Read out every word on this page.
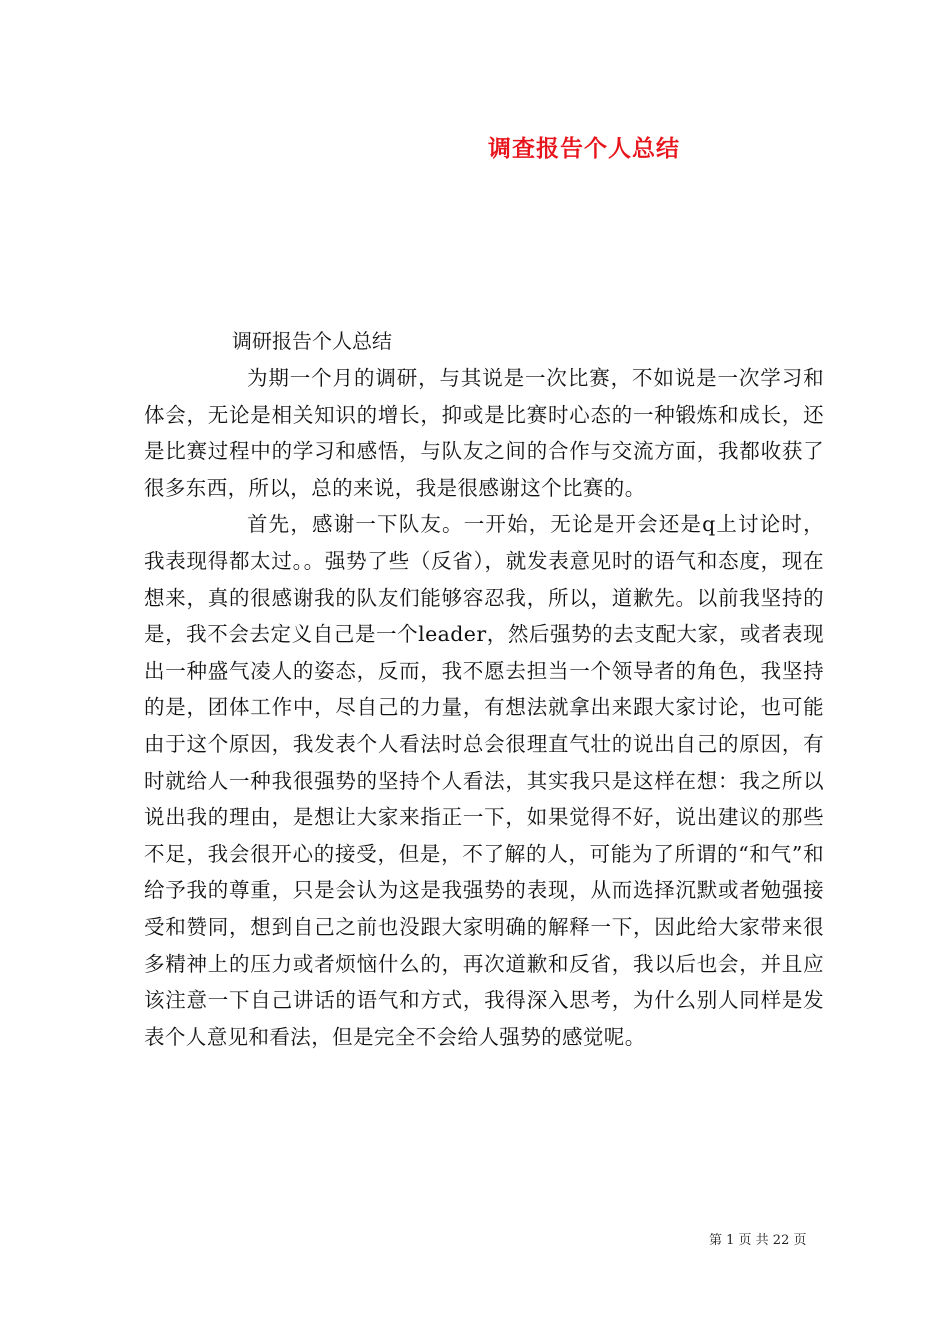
调查报告个人总结

调研报告个人总结

为期一个月的调研，与其说是一次比赛，不如说是一次学习和体会，无论是相关知识的增长，抑或是比赛时心态的一种锻炼和成长，还是比赛过程中的学习和感悟，与队友之间的合作与交流方面，我都收获了很多东西，所以，总的来说，我是很感谢这个比赛的。

首先，感谢一下队友。一开始，无论是开会还是q上讨论时，我表现得都太过。。强势了些（反省），就发表意见时的语气和态度，现在想来，真的很感谢我的队友们能够容忍我，所以，道歉先。以前我坚持的是，我不会去定义自己是一个leader，然后强势的去支配大家，或者表现出一种盛气凌人的姿态，反而，我不愿去担当一个领导者的角色，我坚持的是，团体工作中，尽自己的力量，有想法就拿出来跟大家讨论，也可能由于这个原因，我发表个人看法时总会很理直气壮的说出自己的原因，有时就给人一种我很强势的坚持个人看法，其实我只是这样在想：我之所以说出我的理由，是想让大家来指正一下，如果觉得不好，说出建议的那些不足，我会很开心的接受，但是，不了解的人，可能为了所谓的“和气”和给予我的尊重，只是会认为这是我强势的表现，从而选择沉默或者勉强接受和赞同，想到自己之前也没跟大家明确的解释一下，因此给大家带来很多精神上的压力或者烦恼什么的，再次道歉和反省，我以后也会，并且应该注意一下自己讲话的语气和方式，我得深入思考，为什么别人同样是发表个人意见和看法，但是完全不会给人强势的感觉呢。

第 1 页 共 22 页
